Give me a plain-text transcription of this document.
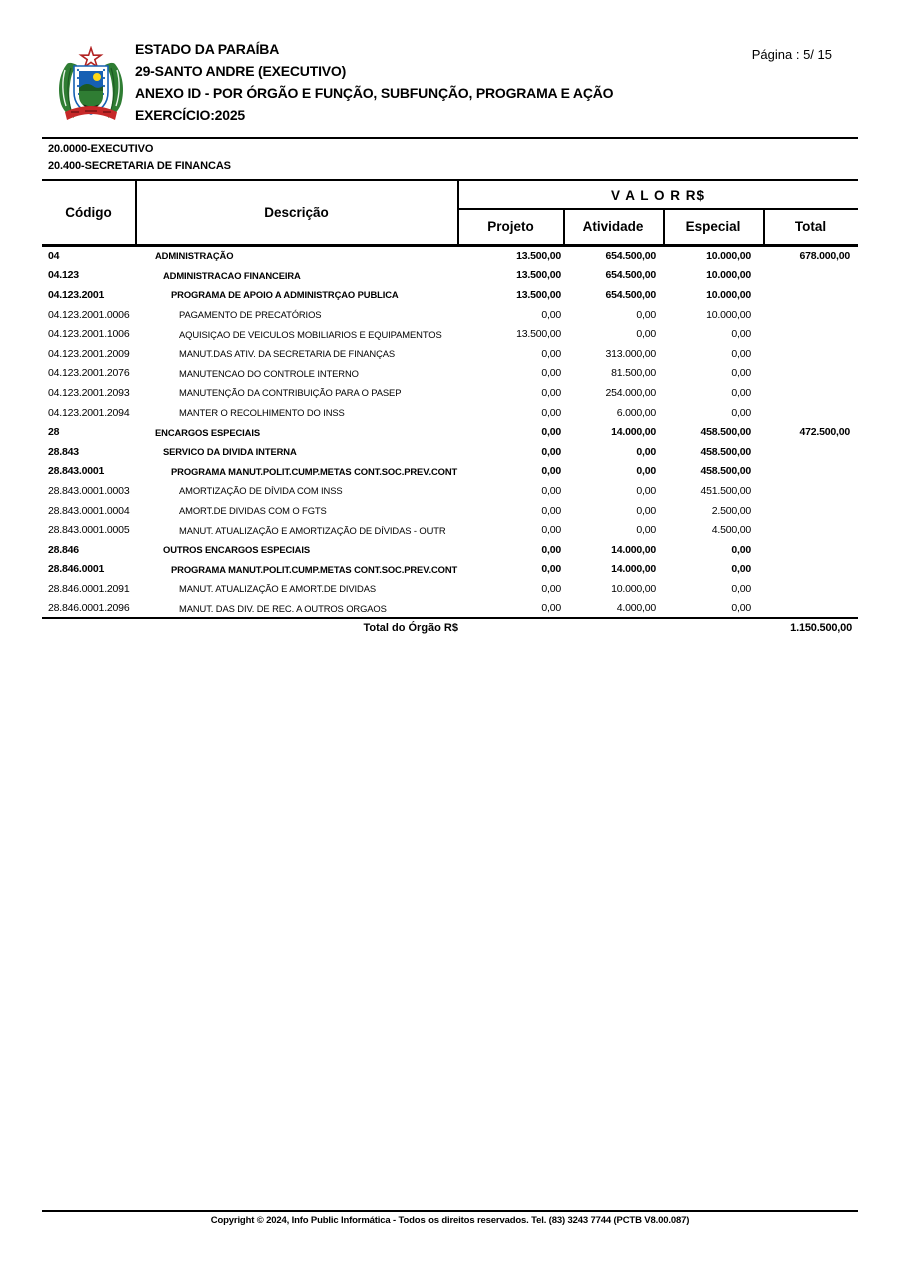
ESTADO DA PARAÍBA
29-SANTO ANDRE (EXECUTIVO)
ANEXO ID - POR ÓRGÃO E FUNÇÃO, SUBFUNÇÃO, PROGRAMA E AÇÃO
EXERCÍCIO:2025
Página : 5/ 15
20.0000-EXECUTIVO
20.400-SECRETARIA DE FINANCAS
Código	Descrição
V A L O R R$
Projeto	Atividade	Especial	Total
04	ADMINISTRAÇÃO	13.500,00	654.500,00	10.000,00	678.000,00
04.123	ADMINISTRACAO FINANCEIRA	13.500,00	654.500,00	10.000,00
04.123.2001	PROGRAMA DE APOIO A ADMINISTRÇAO PUBLICA	13.500,00	654.500,00	10.000,00
04.123.2001.0006	PAGAMENTO DE PRECATÓRIOS	0,00	0,00	10.000,00
04.123.2001.1006	AQUISIÇAO DE VEICULOS MOBILIARIOS E EQUIPAMENTOS	13.500,00	0,00	0,00
04.123.2001.2009	MANUT.DAS ATIV. DA SECRETARIA DE FINANÇAS	0,00	313.000,00	0,00
04.123.2001.2076	MANUTENCAO DO CONTROLE INTERNO	0,00	81.500,00	0,00
04.123.2001.2093	MANUTENÇÃO DA CONTRIBUIÇÃO PARA O PASEP	0,00	254.000,00	0,00
04.123.2001.2094	MANTER O RECOLHIMENTO DO INSS	0,00	6.000,00	0,00
28	ENCARGOS ESPECIAIS	0,00	14.000,00	458.500,00	472.500,00
28.843	SERVICO DA DIVIDA INTERNA	0,00	0,00	458.500,00
28.843.0001	PROGRAMA MANUT.POLIT.CUMP.METAS CONT.SOC.PREV.CONT	0,00	0,00	458.500,00
28.843.0001.0003	AMORTIZAÇÃO DE DÍVIDA COM INSS	0,00	0,00	451.500,00
28.843.0001.0004	AMORT.DE DIVIDAS COM O FGTS	0,00	0,00	2.500,00
28.843.0001.0005	MANUT. ATUALIZAÇÃO E AMORTIZAÇÃO DE DÍVIDAS - OUTR	0,00	0,00	4.500,00
28.846	OUTROS ENCARGOS ESPECIAIS	0,00	14.000,00	0,00
28.846.0001	PROGRAMA MANUT.POLIT.CUMP.METAS CONT.SOC.PREV.CONT	0,00	14.000,00	0,00
28.846.0001.2091	MANUT. ATUALIZAÇÃO E AMORT.DE DIVIDAS	0,00	10.000,00	0,00
28.846.0001.2096	MANUT. DAS DIV. DE REC. A OUTROS ORGAOS	0,00	4.000,00	0,00
Total do Órgão R$	1.150.500,00
Copyright © 2024, Info Public Informática - Todos os direitos reservados. Tel. (83) 3243 7744 (PCTB V8.00.087)
